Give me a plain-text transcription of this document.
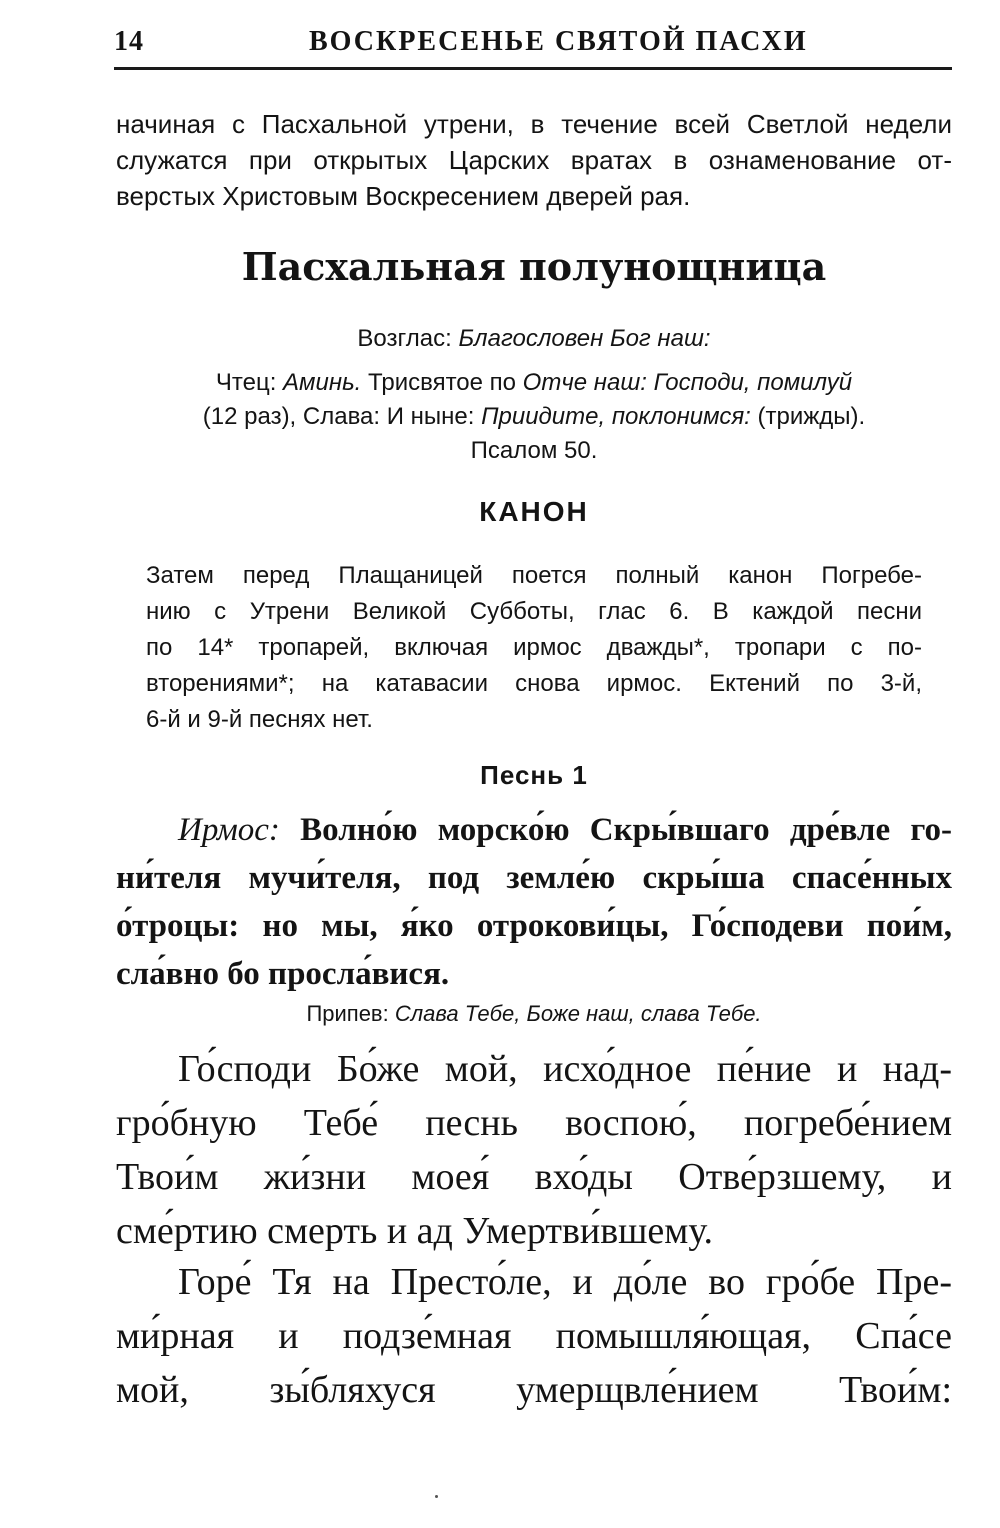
14	ВОСКРЕСЕНЬЕ СВЯТОЙ ПАСХИ
начиная с Пасхальной утрени, в течение всей Светлой недели
служатся при открытых Царских вратах в ознаменование от-
верстых Христовым Воскресением дверей рая.
Пасхальная полунощница
Возглас: Благословен Бог наш:
Чтец: Аминь. Трисвятое по Отче наш: Господи, помилуй
(12 раз), Слава: И ныне: Приидите, поклонимся: (трижды).
Псалом 50.
КАНОН
Затем перед Плащаницей поется полный канон Погребе-
нию с Утрени Великой Субботы, глас 6. В каждой песни
по 14* тропарей, включая ирмос дважды*, тропари с по-
вторениями*; на катавасии снова ирмос. Ектений по 3-й,
6-й и 9-й песнях нет.
Песнь 1
Ирмос: Волно́ю морско́ю Скры́вшаго дре́вле го-
ни́теля мучи́теля, под земле́ю скры́ша спасе́нных
о́троцы: но мы, я́ко отрокови́цы, Го́сподеви пои́м,
сла́вно бо просла́вися.
Припев: Слава Тебе, Боже наш, слава Тебе.
Го́споди Бо́же мой, исхо́дное пе́ние и над-
гро́бную Тебе́ песнь воспою́, погребе́нием
Твои́м жи́зни моея́ вхо́ды Отве́рзшему, и
сме́ртию смерть и ад Умертви́вшему.
Горе́ Тя на Престо́ле, и до́ле во гро́бе Пре-
ми́рная и подзе́мная помышля́ющая, Спа́се
мой, зы́бляхуся умерщвле́нием Твои́м:
